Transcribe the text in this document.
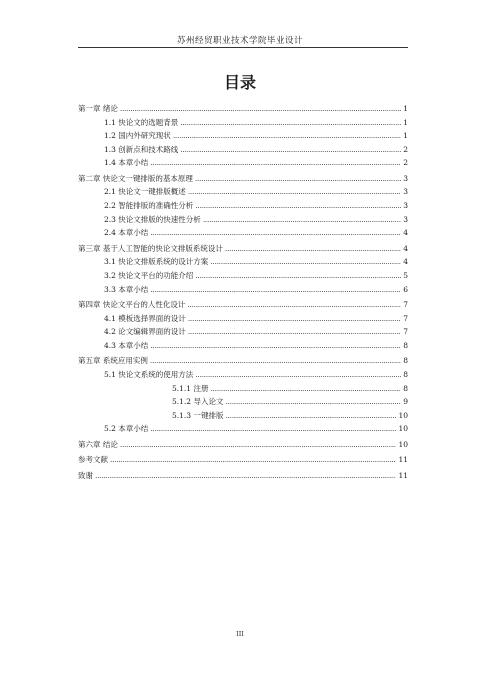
苏州经贸职业技术学院毕业设计
目录
第一章 绪论 .....	1
1.1 快论文的选题背景 .....	1
1.2 国内外研究现状 .....	1
1.3 创新点和技术路线 .....	2
1.4 本章小结 .....	2
第二章 快论文一键排版的基本原理 .....	3
2.1 快论文一键排版概述 .....	3
2.2 智能排版的准确性分析 .....	3
2.3 快论文排版的快速性分析 .....	3
2.4 本章小结 .....	4
第三章 基于人工智能的快论文排版系统设计 .....	4
3.1 快论文排版系统的设计方案 .....	4
3.2 快论文平台的功能介绍 .....	5
3.3 本章小结 .....	6
第四章 快论文平台的人性化设计 .....	7
4.1 模板选择界面的设计 .....	7
4.2 论文编辑界面的设计 .....	7
4.3 本章小结 .....	8
第五章 系统应用实例 .....	8
5.1 快论文系统的使用方法 .....	8
5.1.1 注册 .....	8
5.1.2 导入论文 .....	9
5.1.3 一键排版 .....	10
5.2 本章小结 .....	10
第六章 结论 .....	10
参考文献 .....	11
致谢 .....	11
III
